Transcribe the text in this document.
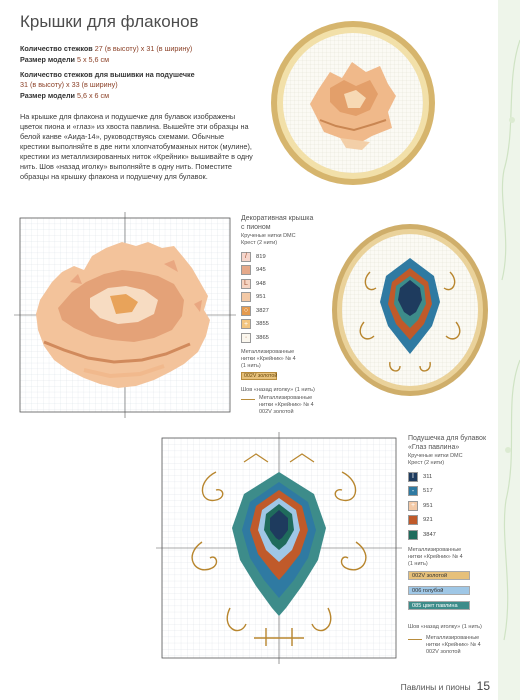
Крышки для флаконов
Количество стежков 27 (в высоту) х 31 (в ширину)
Размер модели 5 х 5,6 см
Количество стежков для вышивки на подушечке
31 (в высоту) х 33 (в ширину)
Размер модели 5,6 х 6 см
На крышке для флакона и подушечке для булавок изображены цветок пиона и «глаз» из хвоста павлина. Вышейте эти образцы на белой канве «Аида-14», руководствуясь схемами. Обычные крестики выполняйте в две нити хлопчатобумажных ниток (мулине), крестики из металлизированных ниток «Крейник» вышивайте в одну нить. Шов «назад иголку» выполняйте в одну нить. Поместите образцы на крышку флакона и подушечку для булавок.
Декоративная крышка
с пионом
Крученые нитки DMC
Крест (2 нити)
/ 819
945
L 948
951
○ 3827
+ 3855
· 3865
Металлизированные
нитки «Крейник» № 4
(1 нить)
002V золотой
Шов «назад иголку» (1 нить)
Металлизированные
нитки «Крейник» № 4
002V золотой
Подушечка для булавок
«Глаз павлина»
Крученые нитки DMC
Крест (2 нити)
I 311
- 517
+ 951
921
3847
Металлизированные
нитки «Крейник» № 4
(1 нить)
002V золотой
006 голубой
085 цвет павлина
Шов «назад иголку» (1 нить)
Металлизированные
нитки «Крейник» № 4
002V золотой
Павлины и пионы 15
